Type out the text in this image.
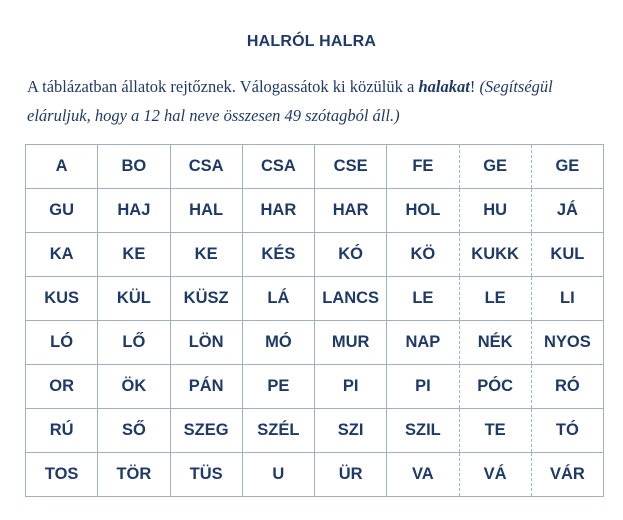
HALRÓL HALRA
A táblázatban állatok rejtőznek. Válogassátok ki közülük a halakat! (Segítségül eláruljuk, hogy a 12 hal neve összesen 49 szótagból áll.)
A	BO	CSA	CSA	CSE	FE	GE	GE
GU	HAJ	HAL	HAR	HAR	HOL	HU	JÁ
KA	KE	KE	KÉS	KÓ	KÖ	KUKK	KUL
KUS	KÜL	KÜSZ	LÁ	LANCS	LE	LE	LI
LÓ	LŐ	LÖN	MÓ	MUR	NAP	NÉK	NYOS
OR	ÖK	PÁN	PE	PI	PI	PÓC	RÓ
RÚ	SŐ	SZEG	SZÉL	SZI	SZIL	TE	TÓ
TOS	TÖR	TÜS	U	ÜR	VA	VÁ	VÁR
